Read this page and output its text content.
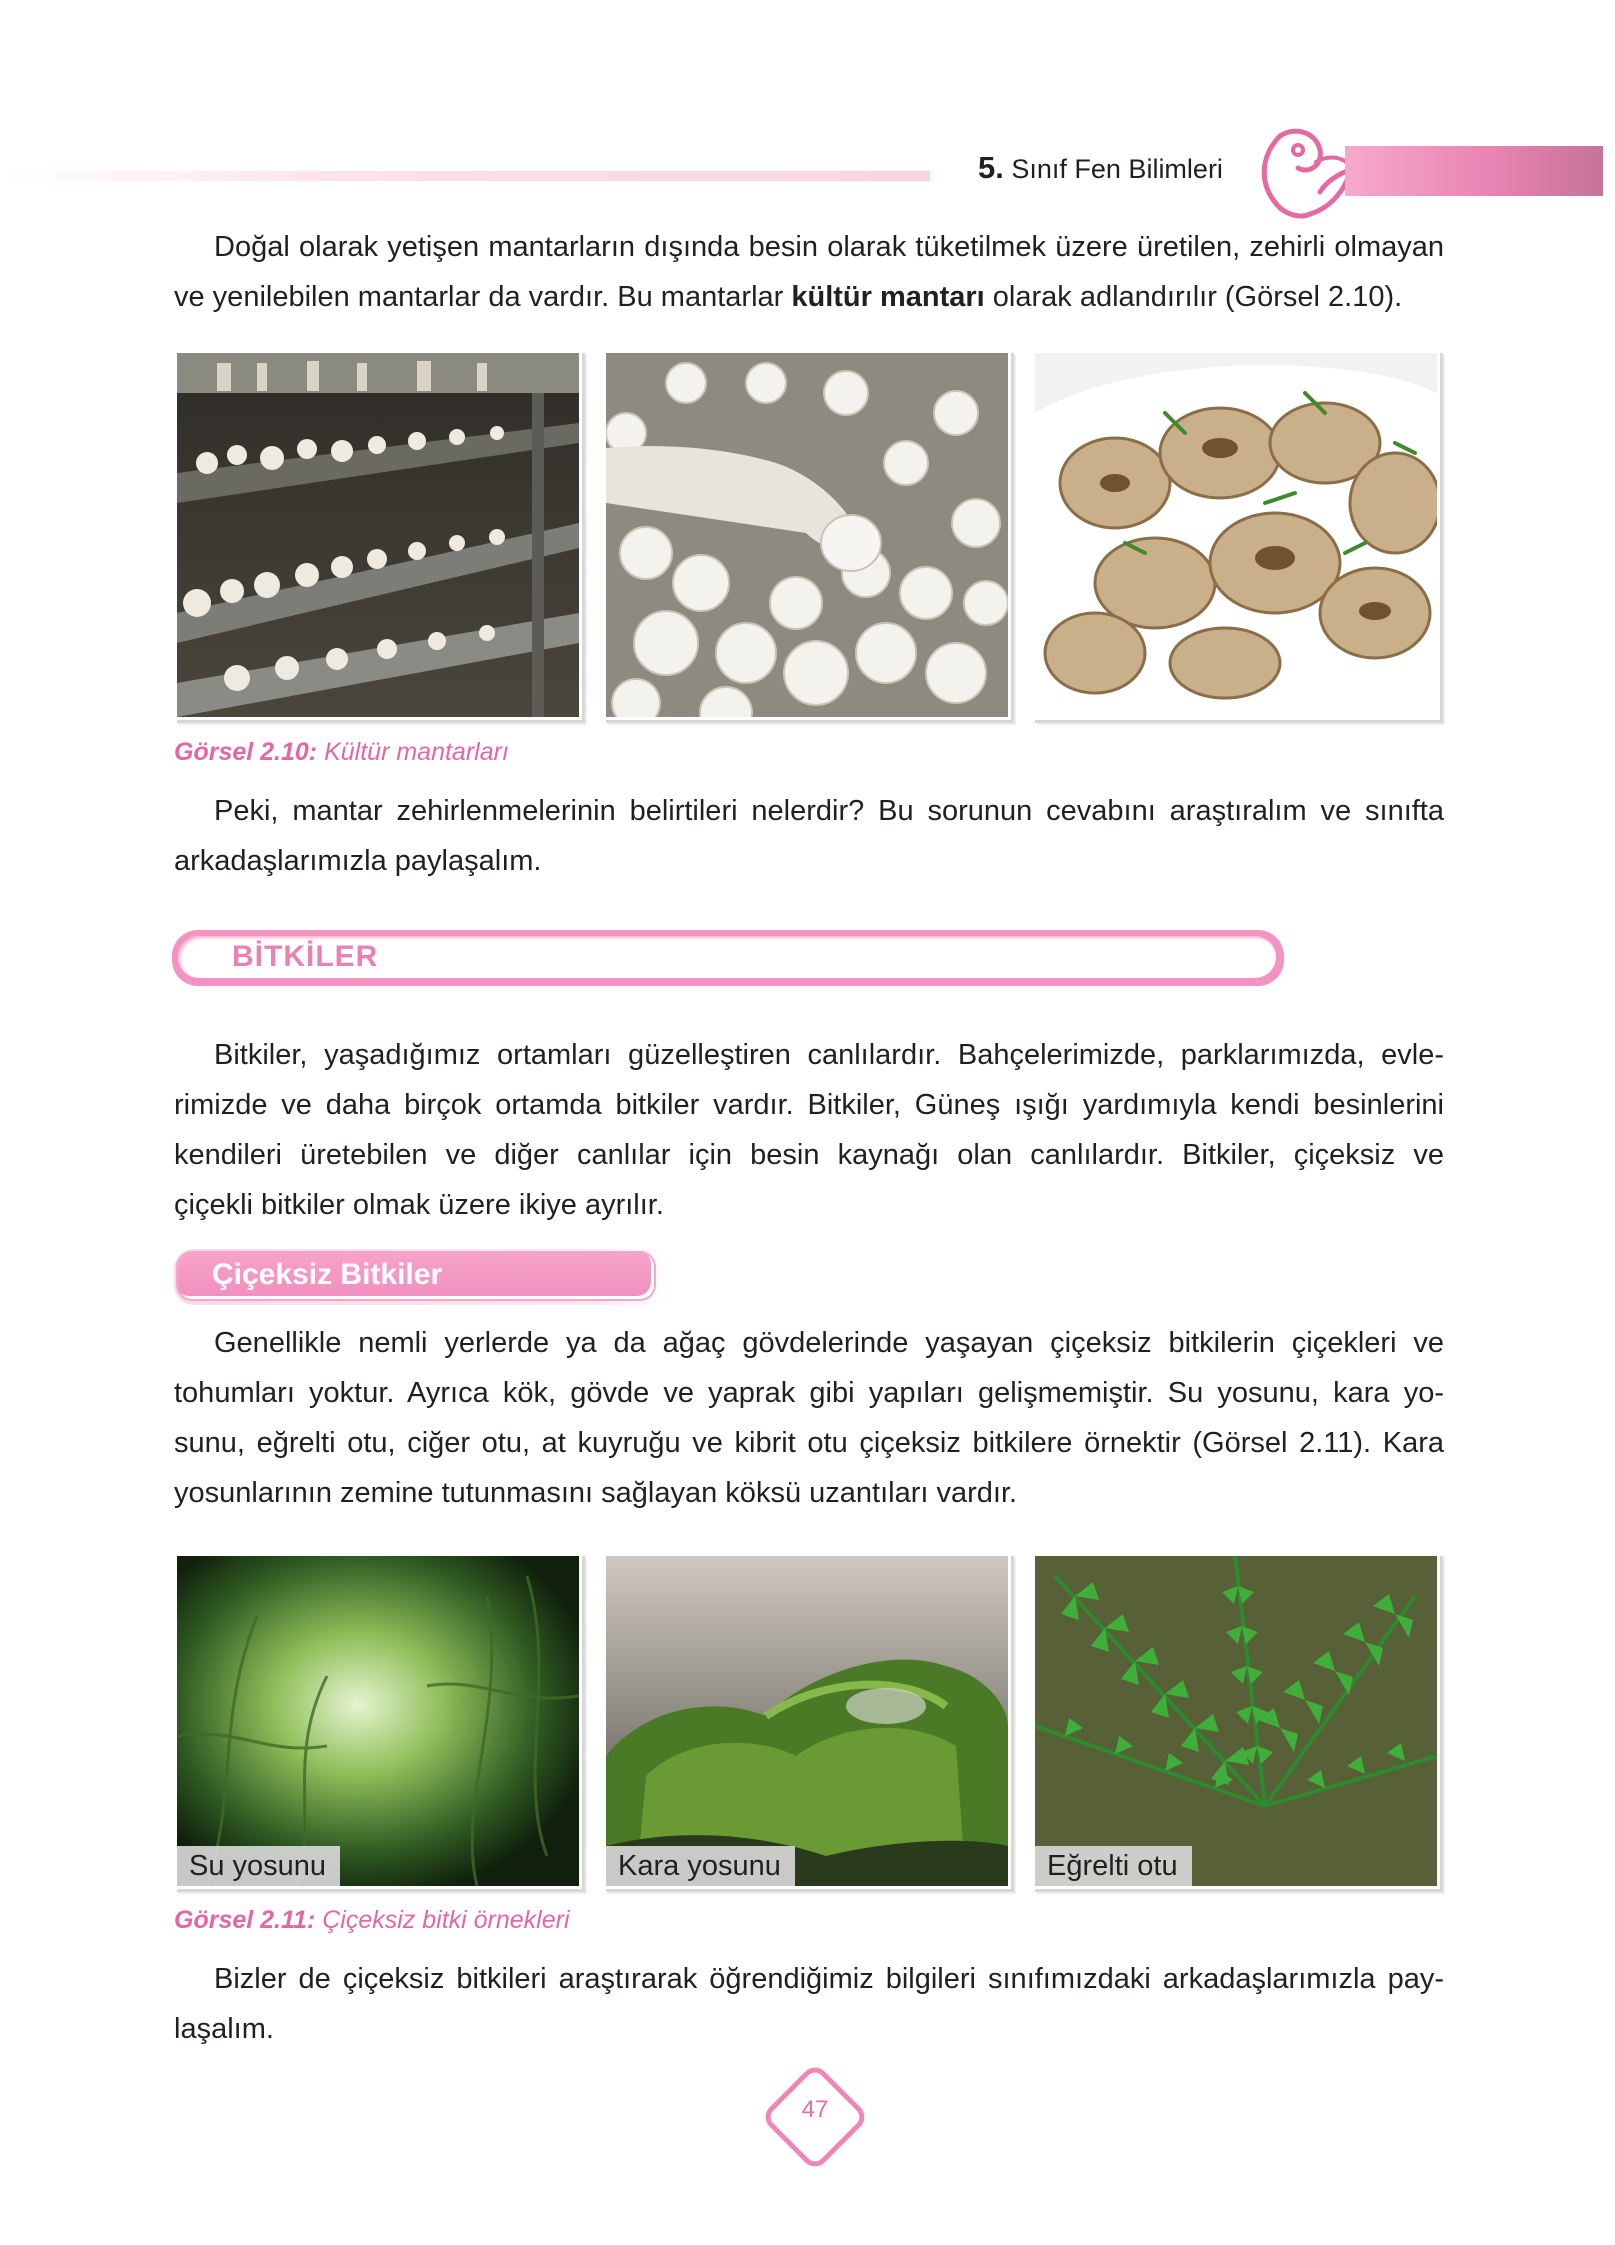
5. Sınıf Fen Bilimleri
Doğal olarak yetişen mantarların dışında besin olarak tüketilmek üzere üretilen, zehirli olmayan
ve yenilebilen mantarlar da vardır. Bu mantarlar kültür mantarı olarak adlandırılır (Görsel 2.10).
Görsel 2.10: Kültür mantarları
Peki, mantar zehirlenmelerinin belirtileri nelerdir? Bu sorunun cevabını araştıralım ve sınıfta
arkadaşlarımızla paylaşalım.
BİTKİLER
Bitkiler, yaşadığımız ortamları güzelleştiren canlılardır. Bahçelerimizde, parklarımızda, evle-
rimizde ve daha birçok ortamda bitkiler vardır. Bitkiler, Güneş ışığı yardımıyla kendi besinlerini
kendileri üretebilen ve diğer canlılar için besin kaynağı olan canlılardır. Bitkiler, çiçeksiz ve
çiçekli bitkiler olmak üzere ikiye ayrılır.
Çiçeksiz Bitkiler
Genellikle nemli yerlerde ya da ağaç gövdelerinde yaşayan çiçeksiz bitkilerin çiçekleri ve
tohumları yoktur. Ayrıca kök, gövde ve yaprak gibi yapıları gelişmemiştir. Su yosunu, kara yo-
sunu, eğrelti otu, ciğer otu, at kuyruğu ve kibrit otu çiçeksiz bitkilere örnektir (Görsel 2.11). Kara
yosunlarının zemine tutunmasını sağlayan köksü uzantıları vardır.
Su yosunu	Kara yosunu	Eğrelti otu
Görsel 2.11: Çiçeksiz bitki örnekleri
Bizler de çiçeksiz bitkileri araştırarak öğrendiğimiz bilgileri sınıfımızdaki arkadaşlarımızla pay-
laşalım.
47
